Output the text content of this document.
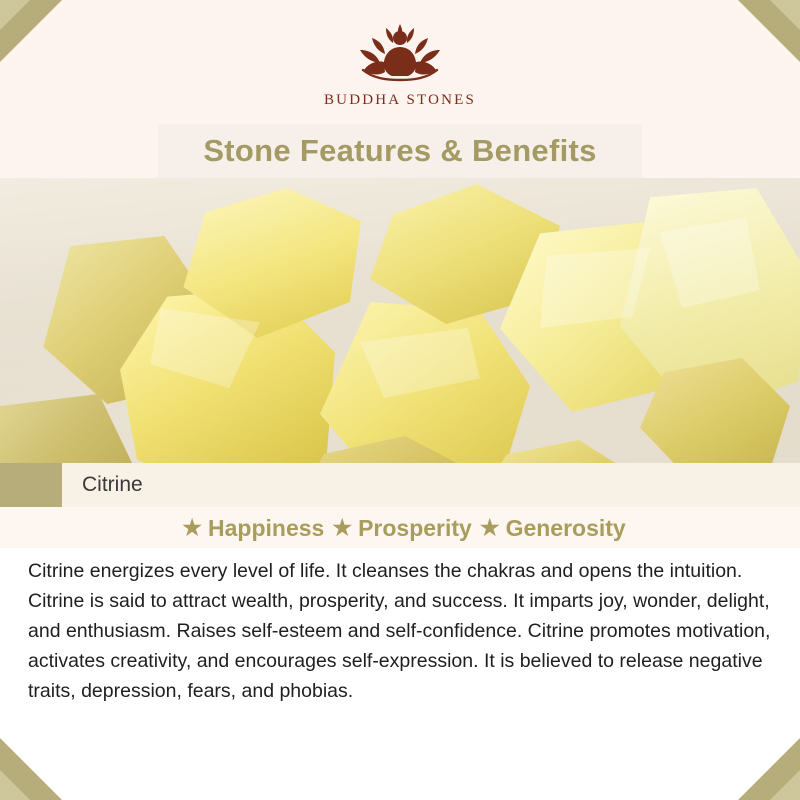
BUDDHA STONES
Stone Features & Benefits
Citrine
★ Happiness ★ Prosperity ★ Generosity
Citrine energizes every level of life. It cleanses the chakras and opens the intuition. Citrine is said to attract wealth, prosperity, and success. It imparts joy, wonder, delight, and enthusiasm. Raises self-esteem and self-confidence. Citrine promotes motivation, activates creativity, and encourages self-expression. It is believed to release negative traits, depression, fears, and phobias.
